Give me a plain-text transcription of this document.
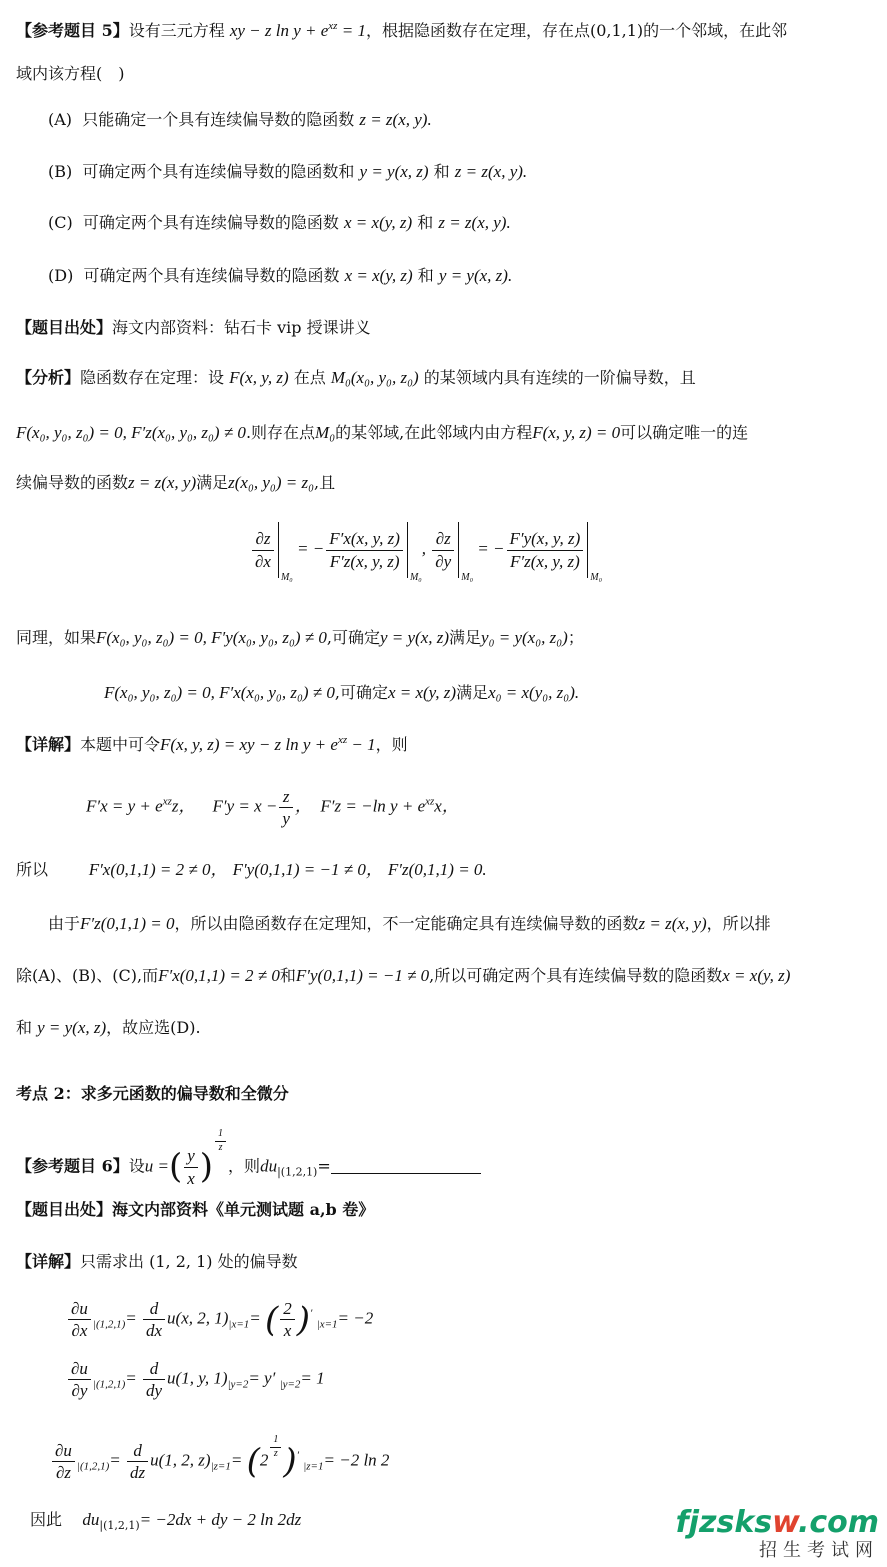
【参考题目 5】设有三元方程 xy − z $\ln y + e^{xz} = 1$，根据隐函数存在定理，存在点(0,1,1)的一个邻域，在此邻
域内该方程(　)
(A) 只能确定一个具有连续偏导数的隐函数 z = z(x, y).
(B) 可确定两个具有连续偏导数的隐函数和 y = y(x, z) 和 z = z(x, y).
(C) 可确定两个具有连续偏导数的隐函数 x = x(y, z) 和 z = z(x, y).
(D) 可确定两个具有连续偏导数的隐函数 x = x(y, z) 和 y = y(x, z).
【题目出处】海文内部资料：钻石卡 vip 授课讲义
【分析】隐函数存在定理：设 F(x, y, z) 在点 M₀(x₀, y₀, z₀) 的某领域内具有连续的一阶偏导数，且
F(x₀, y₀, z₀) = 0, F′z(x₀, y₀, z₀) ≠ 0.则存在点M₀的某邻域,在此邻域内由方程F(x, y, z) = 0可以确定唯一的连
续偏导数的函数z = z(x, y)满足z(x₀, y₀) = z₀,且
$\frac{\partial z}{\partial x}$
$_{M_0}$ = − $\frac{F'x(x, y, z)}{F'z(x, y, z)}$
$_{M_0}$, $\frac{\partial z}{\partial y}$
$_{M_0}$ = − $\frac{F'y(x, y, z)}{F'z(x, y, z)}$
$_{M_0}$
同理，如果F(x₀, y₀, z₀) = 0, F′y(x₀, y₀, z₀) ≠ 0,可确定y = y(x, z)满足y₀ = y(x₀, z₀)；
F(x₀, y₀, z₀) = 0, F′x(x₀, y₀, z₀) ≠ 0,可确定x = x(y, z)满足x₀ = x(y₀, z₀).
【详解】本题中可令F(x, y, z) = xy − z $\ln y + e^{xz} - 1$，则
$F'x = y + e^{xz}z$， $F'y = x - \frac{z}{y}$ ， F′z = −ln $y + e^{xz}x$，
所以 F′x(0,1,1) = 2 ≠ 0， F′y(0,1,1) = −1 ≠ 0， F′z(0,1,1) = 0.
由于F′z(0,1,1) = 0，所以由隐函数存在定理知，不一定能确定具有连续偏导数的函数z = z(x, y)，所以排
除(A)、(B)、(C),而F′x(0,1,1) = 2 ≠ 0和F′y(0,1,1) = −1 ≠ 0,所以可确定两个具有连续偏导数的隐函数x = x(y, z)
和 y = y(x, z)，故应选(D).
考点 2：求多元函数的偏导数和全微分
【参考题目 6】设u =( $\frac{y}{x}$ )
$\frac{1}{z}$
，则$du_{|(1,2,1)}=$
【题目出处】海文内部资料《单元测试题 a,b 卷》
【详解】只需求出 (1, 2, 1) 处的偏导数
$\frac{\partial u}{\partial x} _{|(1,2,1)}= \frac{d}{dx} u(x$, 2, $1)_{|x=1}=$ ( $\frac{2}{x} )'$ $_{|x=1}$= −2
$\frac{\partial u}{\partial y} _{|(1,2,1)}= \frac{d}{dy} u(1$, y, $1)_{|y=2}= y'$ $_{|y=2}$= 1
$\frac{\partial u}{\partial z} _{|(1,2,1)}= \frac{d}{dz} u(1$, 2, $z)_{|z=1}= (2 \frac{1}{z} )'$ $_{|z=1}$= −2 ln 2
因此 $du_{|(1,2,1)}= -2dx$ + dy − 2 ln 2dz	fjzsksw.com
招生考试网
